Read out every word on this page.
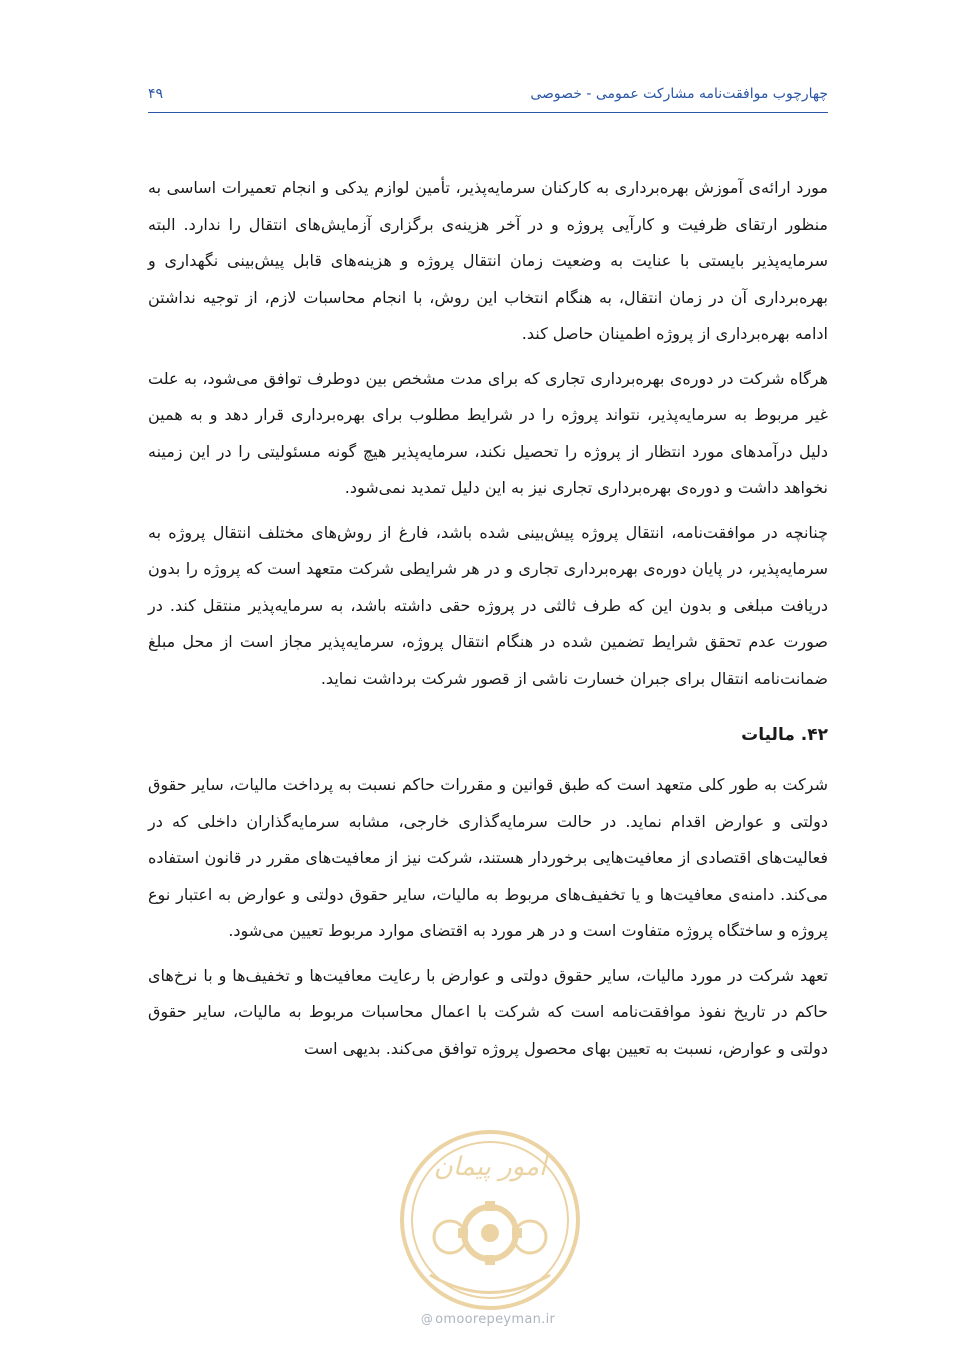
چهارچوب موافقت‌نامه مشارکت عمومی - خصوصی
۴۹

مورد ارائه‌ی آموزش بهره‌برداری به کارکنان سرمایه‌پذیر، تأمین لوازم یدکی و انجام تعمیرات اساسی به منظور ارتقای ظرفیت و کارآیی پروژه و در آخر هزینه‌ی برگزاری آزمایش‌های انتقال را ندارد. البته سرمایه‌پذیر بایستی با عنایت به وضعیت زمان انتقال پروژه و هزینه‌های قابل پیش‌بینی نگهداری و بهره‌برداری آن در زمان انتقال، به هنگام انتخاب این روش، با انجام محاسبات لازم، از توجیه نداشتن ادامه بهره‌برداری از پروژه اطمینان حاصل کند.

هرگاه شرکت در دوره‌ی بهره‌برداری تجاری که برای مدت مشخص بین دوطرف توافق می‌شود، به علت غیر مربوط به سرمایه‌پذیر، نتواند پروژه را در شرایط مطلوب برای بهره‌برداری قرار دهد و به همین دلیل درآمدهای مورد انتظار از پروژه را تحصیل نکند، سرمایه‌پذیر هیچ گونه مسئولیتی را در این زمینه نخواهد داشت و دوره‌ی بهره‌برداری تجاری نیز به این دلیل تمدید نمی‌شود.

چنانچه در موافقت‌نامه، انتقال پروژه پیش‌بینی شده باشد، فارغ از روش‌های مختلف انتقال پروژه به سرمایه‌پذیر، در پایان دوره‌ی بهره‌برداری تجاری و در هر شرایطی شرکت متعهد است که پروژه را بدون دریافت مبلغی و بدون این که طرف ثالثی در پروژه حقی داشته باشد، به سرمایه‌پذیر منتقل کند. در صورت عدم تحقق شرایط تضمین شده در هنگام انتقال پروژه، سرمایه‌پذیر مجاز است از محل مبلغ ضمانت‌نامه انتقال برای جبران خسارت ناشی از قصور شرکت برداشت نماید.

۴۲. مالیات

شرکت به طور کلی متعهد است که طبق قوانین و مقررات حاکم نسبت به پرداخت مالیات، سایر حقوق دولتی و عوارض اقدام نماید. در حالت سرمایه‌گذاری خارجی، مشابه سرمایه‌گذاران داخلی که در فعالیت‌های اقتصادی از معافیت‌هایی برخوردار هستند، شرکت نیز از معافیت‌های مقرر در قانون استفاده می‌کند. دامنه‌ی معافیت‌ها و یا تخفیف‌های مربوط به مالیات، سایر حقوق دولتی و عوارض به اعتبار نوع پروژه و ساختگاه پروژه متفاوت است و در هر مورد به اقتضای موارد مربوط تعیین می‌شود.

تعهد شرکت در مورد مالیات، سایر حقوق دولتی و عوارض با رعایت معافیت‌ها و تخفیف‌ها و با نرخ‌های حاکم در تاریخ نفوذ موافقت‌نامه است که شرکت با اعمال محاسبات مربوط به مالیات، سایر حقوق دولتی و عوارض، نسبت به تعیین بهای محصول پروژه توافق می‌کند. بدیهی است

امور پیمان
@ omoorepeyman.ir
